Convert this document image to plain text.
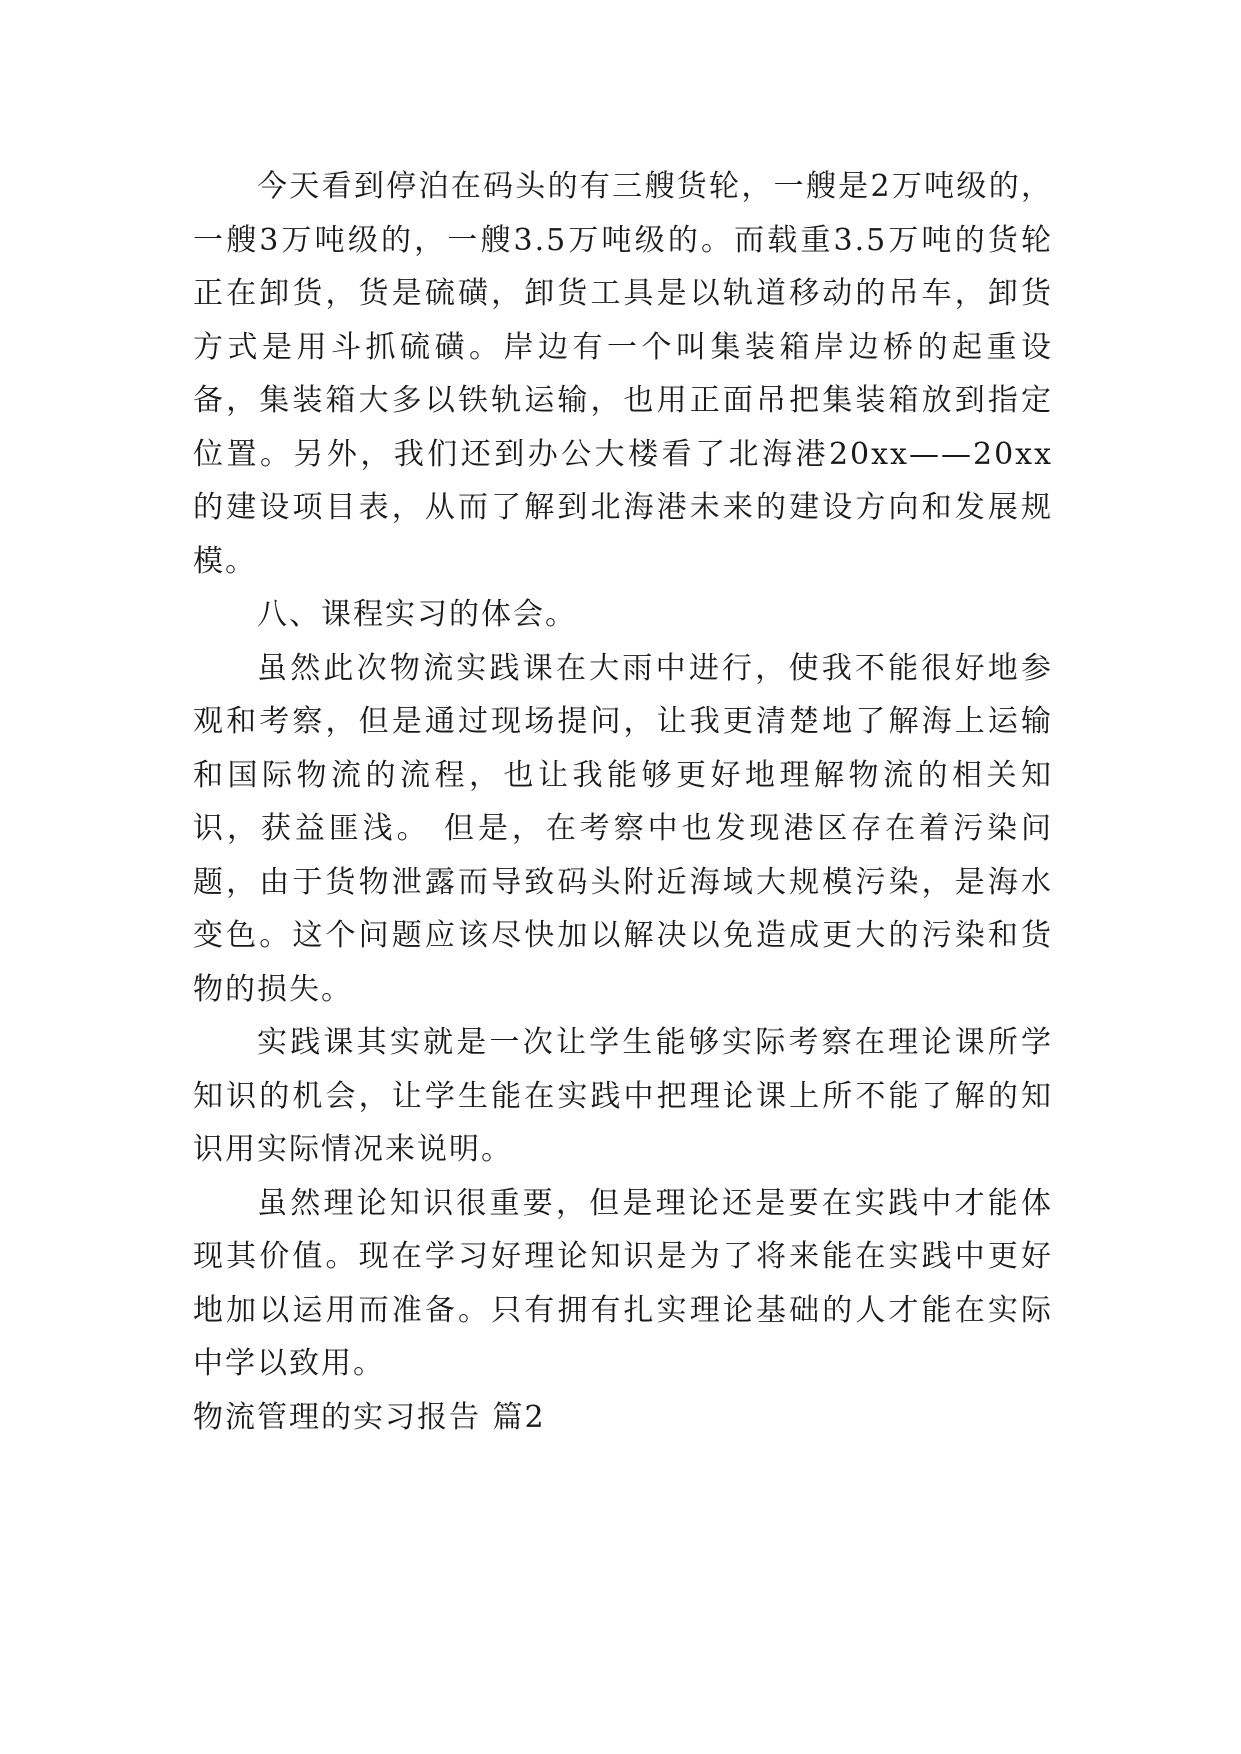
今天看到停泊在码头的有三艘货轮，一艘是2万吨级的，一艘3万吨级的，一艘3.5万吨级的。而载重3.5万吨的货轮正在卸货，货是硫磺，卸货工具是以轨道移动的吊车，卸货方式是用斗抓硫磺。岸边有一个叫集装箱岸边桥的起重设备，集装箱大多以铁轨运输，也用正面吊把集装箱放到指定位置。另外，我们还到办公大楼看了北海港20xx——20xx的建设项目表，从而了解到北海港未来的建设方向和发展规模。

八、课程实习的体会。

虽然此次物流实践课在大雨中进行，使我不能很好地参观和考察，但是通过现场提问，让我更清楚地了解海上运输和国际物流的流程，也让我能够更好地理解物流的相关知识，获益匪浅。 但是，在考察中也发现港区存在着污染问题，由于货物泄露而导致码头附近海域大规模污染，是海水变色。这个问题应该尽快加以解决以免造成更大的污染和货物的损失。

实践课其实就是一次让学生能够实际考察在理论课所学知识的机会，让学生能在实践中把理论课上所不能了解的知识用实际情况来说明。

虽然理论知识很重要，但是理论还是要在实践中才能体现其价值。现在学习好理论知识是为了将来能在实践中更好地加以运用而准备。只有拥有扎实理论基础的人才能在实际中学以致用。

物流管理的实习报告 篇2
